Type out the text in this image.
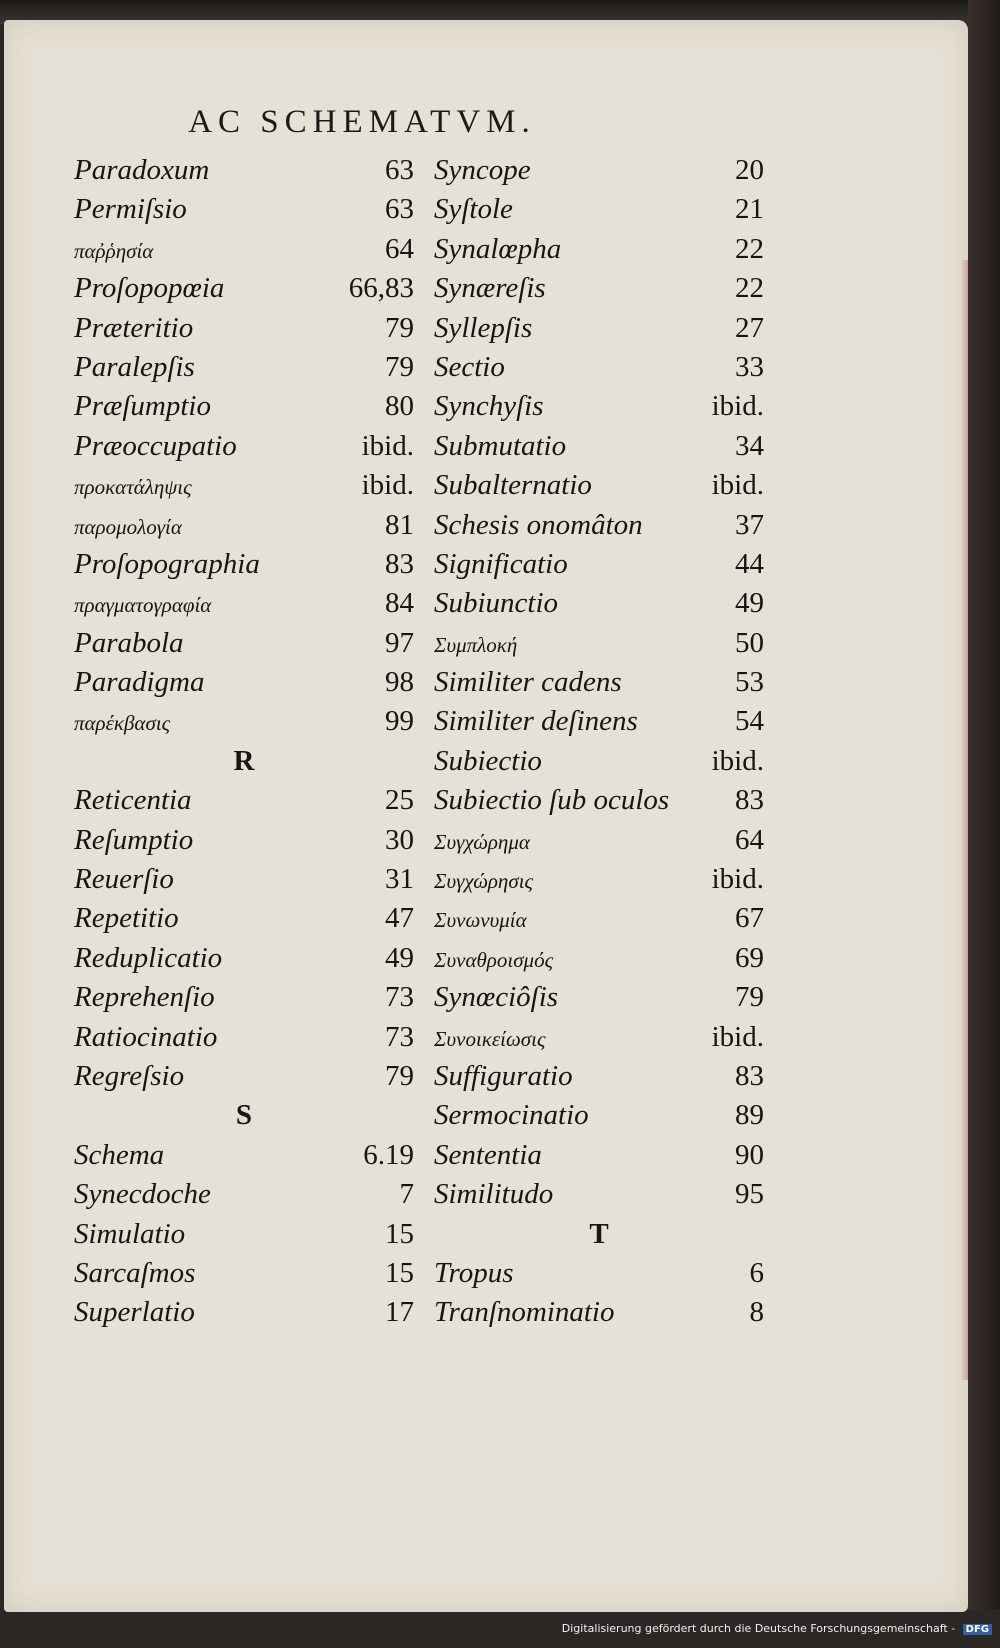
AC SCHEMATVM.
Paradoxum	63
Permiſsio	63
παῤῥησία	64
Proſopopœia	66,83
Præteritio	79
Paralepſis	79
Præſumptio	80
Præoccupatio	ibid.
προκατάληψις	ibid.
παρομολογία	81
Proſopographia	83
πραγματογραφία	84
Parabola	97
Paradigma	98
παρέκβασις	99
R
Reticentia	25
Reſumptio	30
Reuerſio	31
Repetitio	47
Reduplicatio	49
Reprehenſio	73
Ratiocinatio	73
Regreſsio	79
S
Schema	6.19
Synecdoche	7
Simulatio	15
Sarcaſmos	15
Superlatio	17
Syncope	20
Syſtole	21
Synalœpha	22
Synæreſis	22
Syllepſis	27
Sectio	33
Synchyſis	ibid.
Submutatio	34
Subalternatio	ibid.
Schesis onomâton	37
Significatio	44
Subiunctio	49
Συμπλοκή	50
Similiter cadens	53
Similiter deſinens	54
Subiectio	ibid.
Subiectio ſub oculos 83
Συγχώρημα	64
Συγχώρησις	ibid.
Συνωνυμία	67
Συναθροισμός	69
Synœciôſis	79
Συνοικείωσις	ibid.
Suffiguratio	83
Sermocinatio	89
Sententia	90
Similitudo	95
T
Tropus	6
Tranſnominatio	8
Digitalisierung gefördert durch die Deutsche Forschungsgemeinschaft - DFG
